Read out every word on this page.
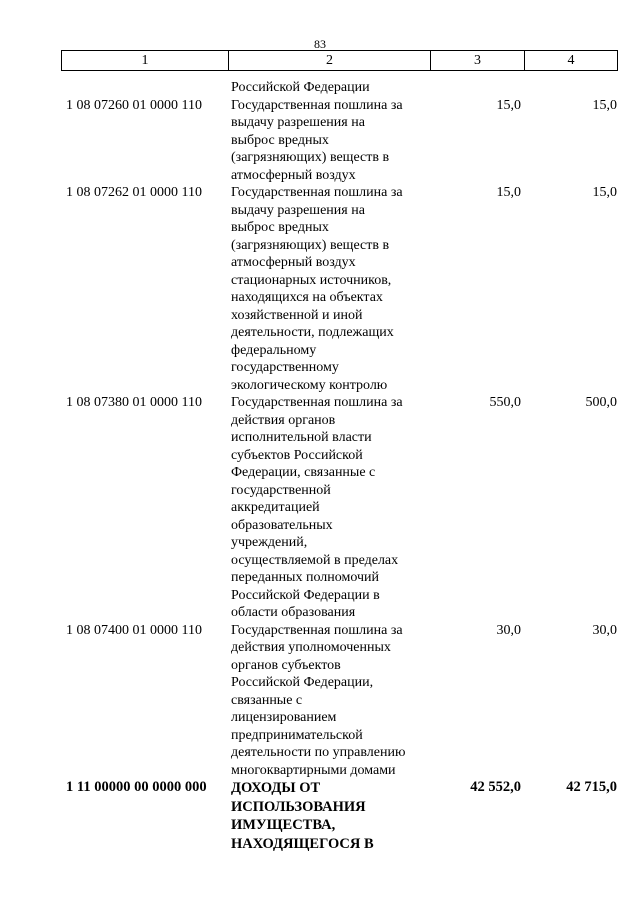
83
1	2	3	4
Российской Федерации
1 08 07260 01 0000 110	Государственная пошлина за
выдачу разрешения на
выброс вредных
(загрязняющих) веществ в
атмосферный воздух
15,0	15,0
1 08 07262 01 0000 110	Государственная пошлина за
выдачу разрешения на
выброс вредных
(загрязняющих) веществ в
атмосферный воздух
стационарных источников,
находящихся на объектах
хозяйственной и иной
деятельности, подлежащих
федеральному
государственному
экологическому контролю
15,0	15,0
1 08 07380 01 0000 110	Государственная пошлина за
действия органов
исполнительной власти
субъектов Российской
Федерации, связанные с
государственной
аккредитацией
образовательных
учреждений,
осуществляемой в пределах
переданных полномочий
Российской Федерации в
области образования
550,0	500,0
1 08 07400 01 0000 110	Государственная пошлина за
действия уполномоченных
органов субъектов
Российской Федерации,
связанные с
лицензированием
предпринимательской
деятельности по управлению
многоквартирными домами
30,0	30,0
1 11 00000 00 0000 000	ДОХОДЫ ОТ
ИСПОЛЬЗОВАНИЯ
ИМУЩЕСТВА,
НАХОДЯЩЕГОСЯ В
42 552,0	42 715,0
